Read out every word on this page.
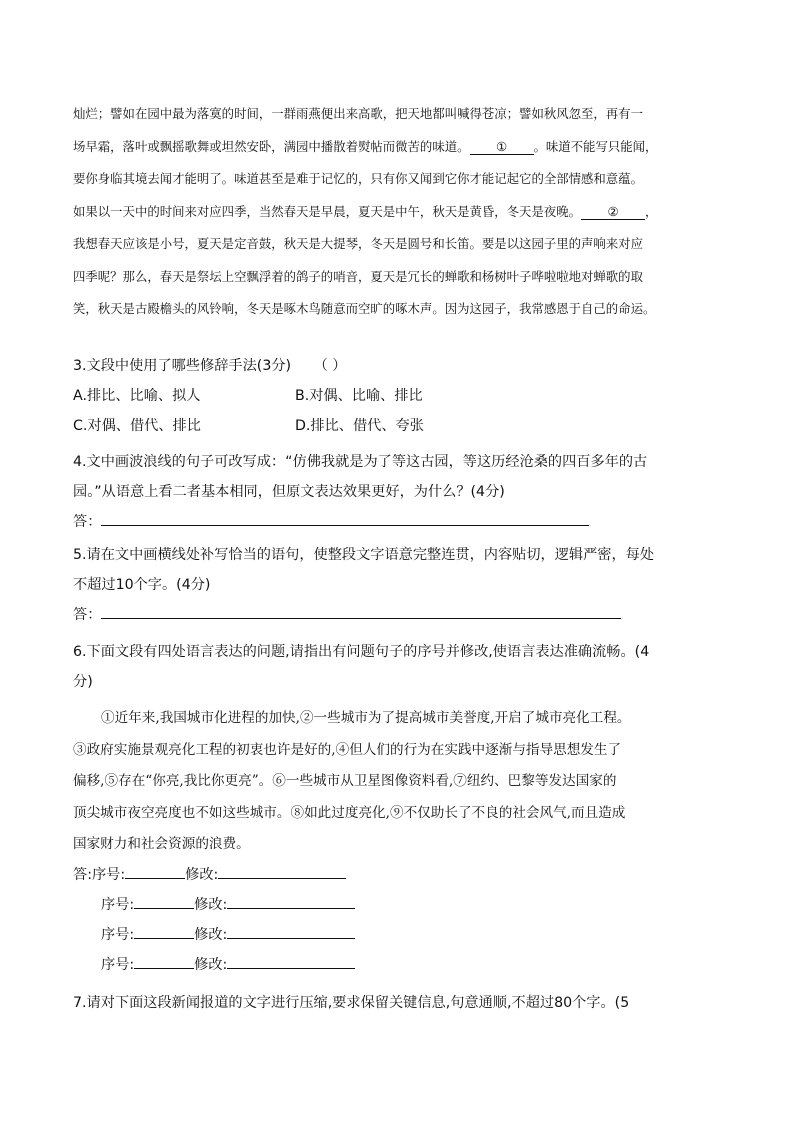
灿烂；譬如在园中最为落寞的时间，一群雨燕便出来高歌，把天地都叫喊得苍凉；譬如秋风忽至，再有一
场早霜，落叶或飘摇歌舞或坦然安卧，满园中播散着熨帖而微苦的味道。 ① 。味道不能写只能闻，
要你身临其境去闻才能明了。味道甚至是难于记忆的，只有你又闻到它你才能记起它的全部情感和意蕴。
如果以一天中的时间来对应四季，当然春天是早晨，夏天是中午，秋天是黄昏，冬天是夜晚。 ② ，
我想春天应该是小号，夏天是定音鼓，秋天是大提琴，冬天是圆号和长笛。要是以这园子里的声响来对应
四季呢？那么，春天是祭坛上空飘浮着的鸽子的哨音，夏天是冗长的蝉歌和杨树叶子哗啦啦地对蝉歌的取
笑，秋天是古殿檐头的风铃响，冬天是啄木鸟随意而空旷的啄木声。因为这园子，我常感恩于自己的命运。
3.文段中使用了哪些修辞手法(3分) （ ）
A.排比、比喻、拟人	B.对偶、比喻、排比
C.对偶、借代、排比	D.排比、借代、夸张
4.文中画波浪线的句子可改写成：“仿佛我就是为了等这古园，等这历经沧桑的四百多年的古
园。”从语意上看二者基本相同，但原文表达效果更好，为什么？(4分)
答：
5.请在文中画横线处补写恰当的语句，使整段文字语意完整连贯，内容贴切，逻辑严密，每处
不超过10个字。(4分)
答：
6.下面文段有四处语言表达的问题,请指出有问题句子的序号并修改,使语言表达准确流畅。(4
分)
①近年来,我国城市化进程的加快,②一些城市为了提高城市美誉度,开启了城市亮化工程。
③政府实施景观亮化工程的初衷也许是好的,④但人们的行为在实践中逐渐与指导思想发生了
偏移,⑤存在“你亮,我比你更亮”。⑥一些城市从卫星图像资料看,⑦纽约、巴黎等发达国家的
顶尖城市夜空亮度也不如这些城市。⑧如此过度亮化,⑨不仅助长了不良的社会风气,而且造成
国家财力和社会资源的浪费。
答:序号:	修改:
序号:	修改:
序号:	修改:
序号:	修改:
7.请对下面这段新闻报道的文字进行压缩,要求保留关键信息,句意通顺,不超过80个字。(5
